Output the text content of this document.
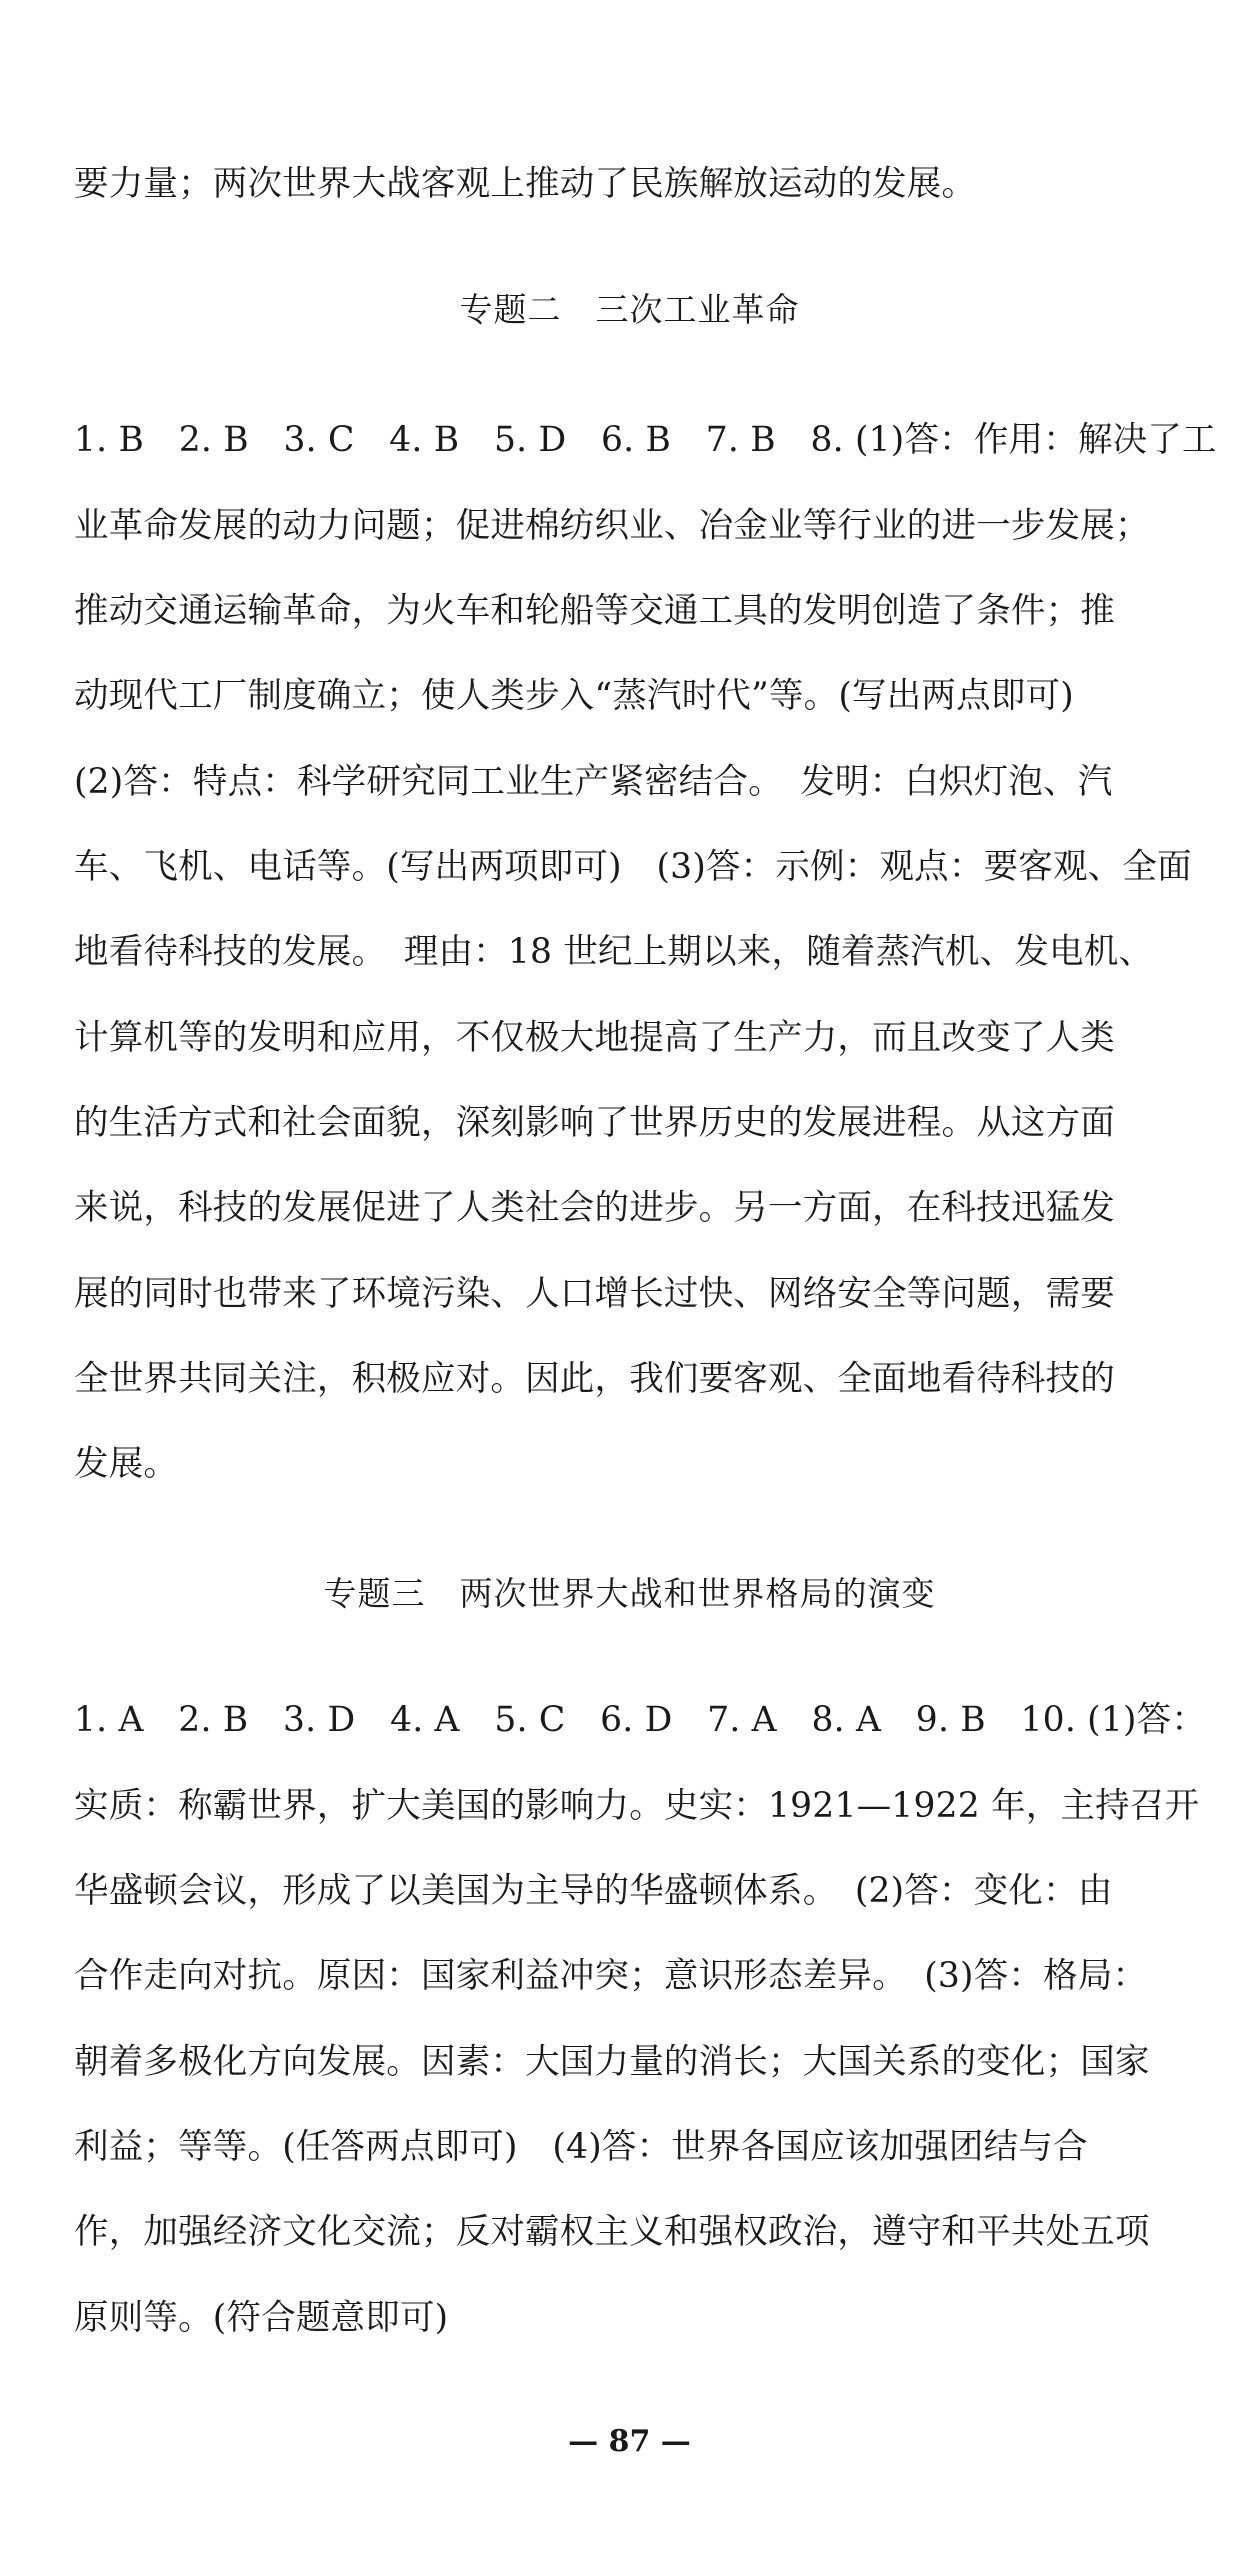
要力量；两次世界大战客观上推动了民族解放运动的发展。
专题二　三次工业革命
1. B　2. B　3. C　4. B　5. D　6. B　7. B　8. (1)答：作用：解决了工
业革命发展的动力问题；促进棉纺织业、冶金业等行业的进一步发展；
推动交通运输革命，为火车和轮船等交通工具的发明创造了条件；推
动现代工厂制度确立；使人类步入“蒸汽时代”等。(写出两点即可)
(2)答：特点：科学研究同工业生产紧密结合。　发明：白炽灯泡、汽
车、飞机、电话等。(写出两项即可)　(3)答：示例：观点：要客观、全面
地看待科技的发展。　理由：18 世纪上期以来，随着蒸汽机、发电机、
计算机等的发明和应用，不仅极大地提高了生产力，而且改变了人类
的生活方式和社会面貌，深刻影响了世界历史的发展进程。从这方面
来说，科技的发展促进了人类社会的进步。另一方面，在科技迅猛发
展的同时也带来了环境污染、人口增长过快、网络安全等问题，需要
全世界共同关注，积极应对。因此，我们要客观、全面地看待科技的
发展。
专题三　两次世界大战和世界格局的演变
1. A　2. B　3. D　4. A　5. C　6. D　7. A　8. A　9. B　10. (1)答：
实质：称霸世界，扩大美国的影响力。史实：1921—1922 年，主持召开
华盛顿会议，形成了以美国为主导的华盛顿体系。　(2)答：变化：由
合作走向对抗。原因：国家利益冲突；意识形态差异。　(3)答：格局：
朝着多极化方向发展。因素：大国力量的消长；大国关系的变化；国家
利益；等等。(任答两点即可)　(4)答：世界各国应该加强团结与合
作，加强经济文化交流；反对霸权主义和强权政治，遵守和平共处五项
原则等。(符合题意即可)
— 87 —
